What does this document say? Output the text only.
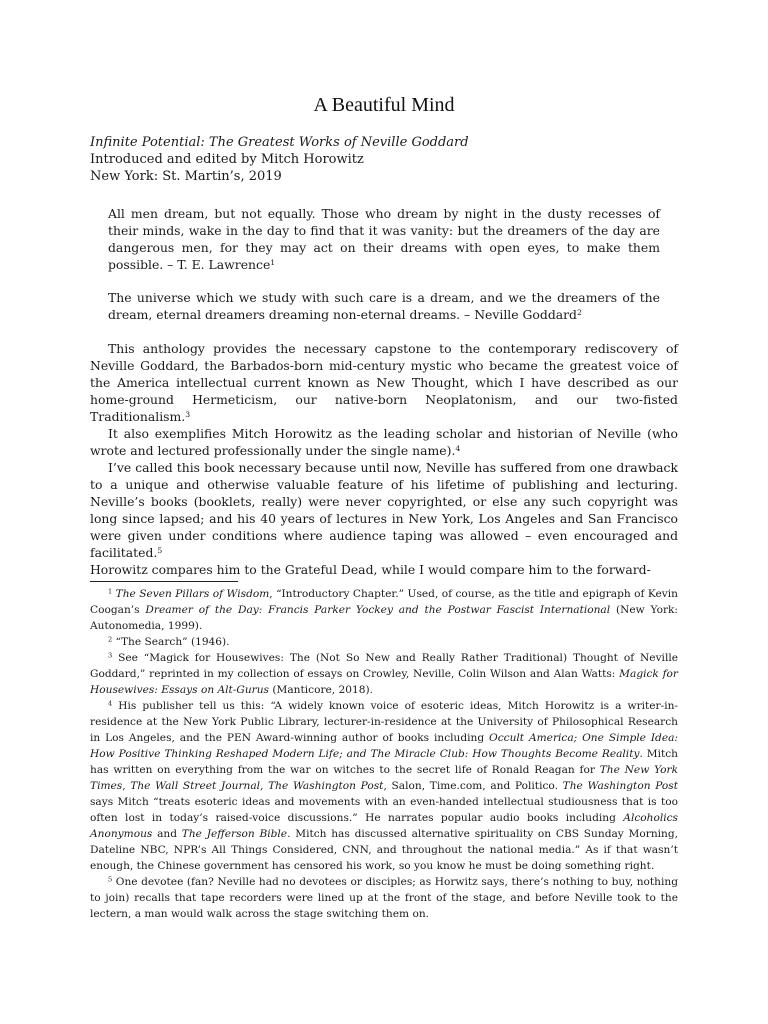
A Beautiful Mind
Infinite Potential: The Greatest Works of Neville Goddard
Introduced and edited by Mitch Horowitz
New York: St. Martin’s, 2019
All men dream, but not equally. Those who dream by night in the dusty recesses of their minds, wake in the day to find that it was vanity: but the dreamers of the day are dangerous men, for they may act on their dreams with open eyes, to make them possible. – T. E. Lawrence$^1$
The universe which we study with such care is a dream, and we the dreamers of the dream, eternal dreamers dreaming non-eternal dreams. – Neville Goddard$^2$

This anthology provides the necessary capstone to the contemporary rediscovery of Neville Goddard, the Barbados-born mid-century mystic who became the greatest voice of the America intellectual current known as New Thought, which I have described as our home-ground Hermeticism, our native-born Neoplatonism, and our two-fisted Traditionalism.$^3$

It also exemplifies Mitch Horowitz as the leading scholar and historian of Neville (who wrote and lectured professionally under the single name).$^4$

I’ve called this book necessary because until now, Neville has suffered from one drawback to a unique and otherwise valuable feature of his lifetime of publishing and lecturing. Neville’s books (booklets, really) were never copyrighted, or else any such copyright was long since lapsed; and his 40 years of lectures in New York, Los Angeles and San Francisco were given under conditions where audience taping was allowed – even encouraged and facilitated.$^5$

Horowitz compares him to the Grateful Dead, while I would compare him to the forward-

$^1$ The Seven Pillars of Wisdom, “Introductory Chapter.” Used, of course, as the title and epigraph of Kevin Coogan’s Dreamer of the Day: Francis Parker Yockey and the Postwar Fascist International (New York: Autonomedia, 1999).

$^2$ “The Search” (1946).

$^3$ See “Magick for Housewives: The (Not So New and Really Rather Traditional) Thought of Neville Goddard,” reprinted in my collection of essays on Crowley, Neville, Colin Wilson and Alan Watts: Magick for Housewives: Essays on Alt-Gurus (Manticore, 2018).

$^4$ His publisher tell us this: “A widely known voice of esoteric ideas, Mitch Horowitz is a writer-in-residence at the New York Public Library, lecturer-in-residence at the University of Philosophical Research in Los Angeles, and the PEN Award-winning author of books including Occult America; One Simple Idea: How Positive Thinking Reshaped Modern Life; and The Miracle Club: How Thoughts Become Reality. Mitch has written on everything from the war on witches to the secret life of Ronald Reagan for The New York Times, The Wall Street Journal, The Washington Post, Salon, Time.com, and Politico. The Washington Post says Mitch “treats esoteric ideas and movements with an even-handed intellectual studiousness that is too often lost in today’s raised-voice discussions.” He narrates popular audio books including Alcoholics Anonymous and The Jefferson Bible. Mitch has discussed alternative spirituality on CBS Sunday Morning, Dateline NBC, NPR’s All Things Considered, CNN, and throughout the national media.” As if that wasn’t enough, the Chinese government has censored his work, so you know he must be doing something right.

$^5$ One devotee (fan? Neville had no devotees or disciples; as Horwitz says, there’s nothing to buy, nothing to join) recalls that tape recorders were lined up at the front of the stage, and before Neville took to the lectern, a man would walk across the stage switching them on.
